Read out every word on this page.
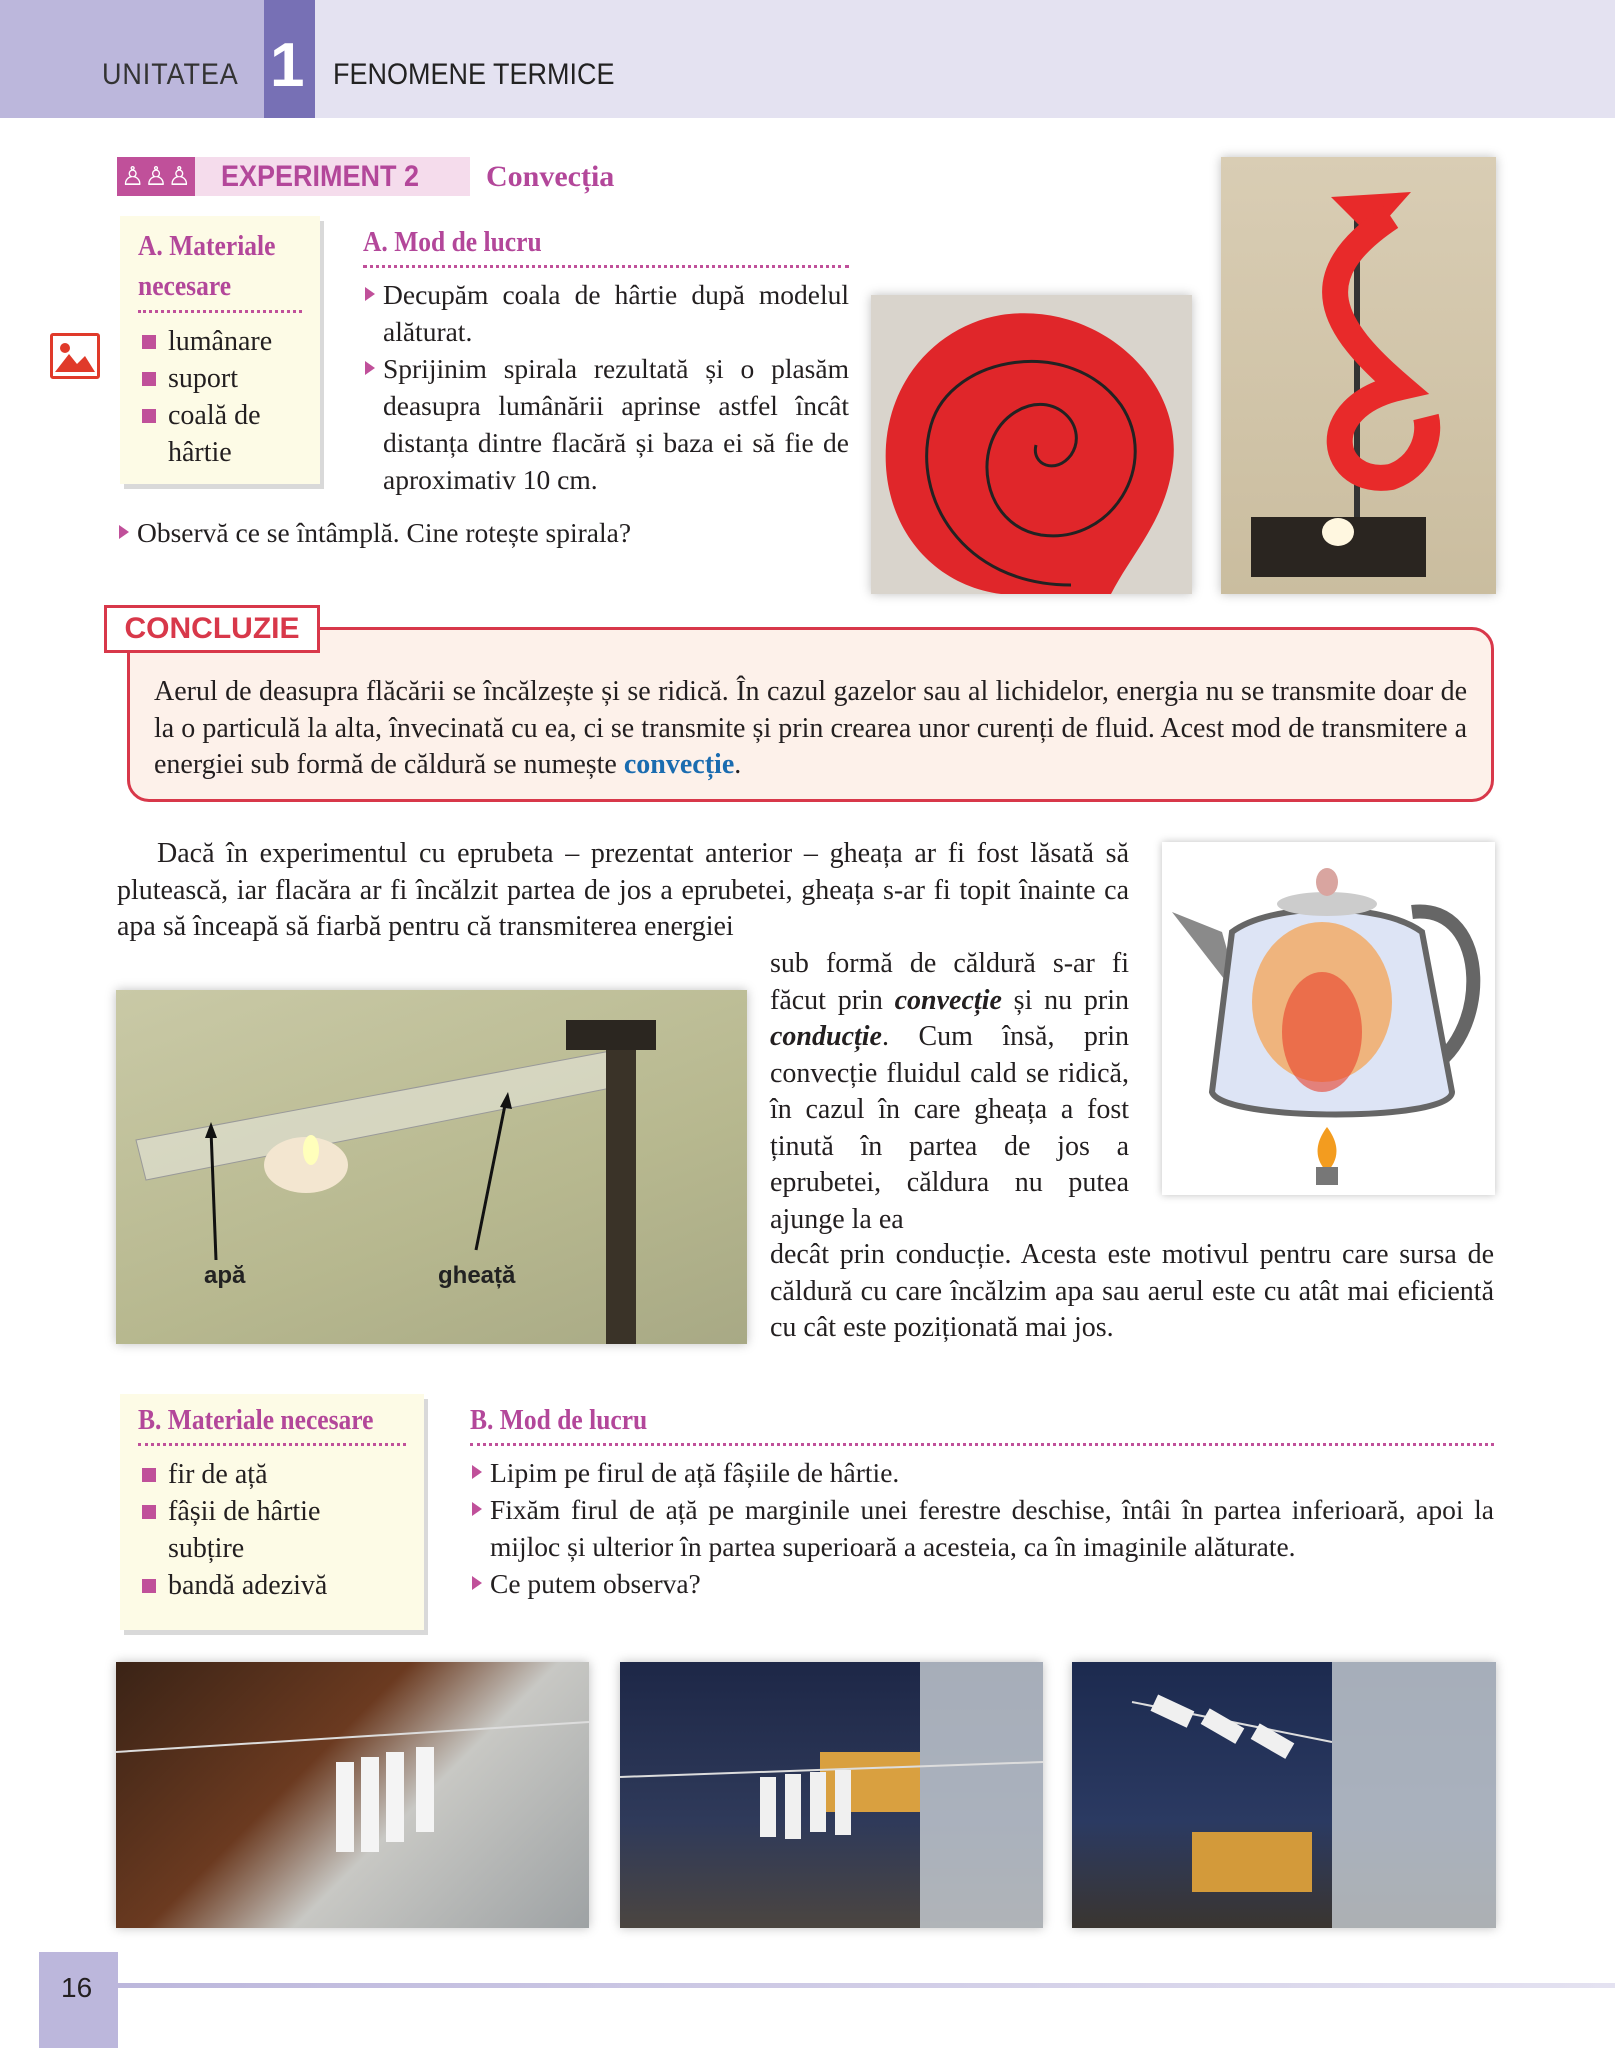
UNITATEA 1 FENOMENE TERMICE
♙♙♙ EXPERIMENT 2 Convecția
A. Materiale necesare
lumânare
suport
coală de hârtie
A. Mod de lucru
Decupăm coala de hârtie după modelul alăturat.
Sprijinim spirala rezultată și o plasăm deasupra lumânării aprinse astfel încât distanța dintre flacără și baza ei să fie de aproximativ 10 cm.
Observă ce se întâmplă. Cine rotește spirala?
Aerul de deasupra flăcării se încălzește și se ridică. În cazul gazelor sau al lichidelor, energia nu se transmite doar de la o particulă la alta, învecinată cu ea, ci se transmite și prin crearea unor curenți de fluid. Acest mod de transmitere a energiei sub formă de căldură se numește convecție.
CONCLUZIE
Dacă în experimentul cu eprubeta – prezentat anterior – gheața ar fi fost lăsată să plutească, iar flacăra ar fi încălzit partea de jos a eprubetei, gheața s-ar fi topit înainte ca apa să înceapă să fiarbă pentru că transmiterea energiei
sub formă de căldură s-ar fi făcut prin convecție și nu prin conducție. Cum însă, prin convecție fluidul cald se ridică, în cazul în care gheața a fost ținută în partea de jos a eprubetei, căldura nu putea ajunge la ea
decât prin conducție. Acesta este motivul pentru care sursa de căldură cu care încălzim apa sau aerul este cu atât mai eficientă cu cât este poziționată mai jos.
apă	gheață
B. Materiale necesare
fir de ață
fâșii de hârtie subțire
bandă adezivă
B. Mod de lucru
Lipim pe firul de ață fâșiile de hârtie.
Fixăm firul de ață pe marginile unei ferestre deschise, întâi în partea inferioară, apoi la mijloc și ulterior în partea superioară a acesteia, ca în imaginile alăturate.
Ce putem observa?
16
